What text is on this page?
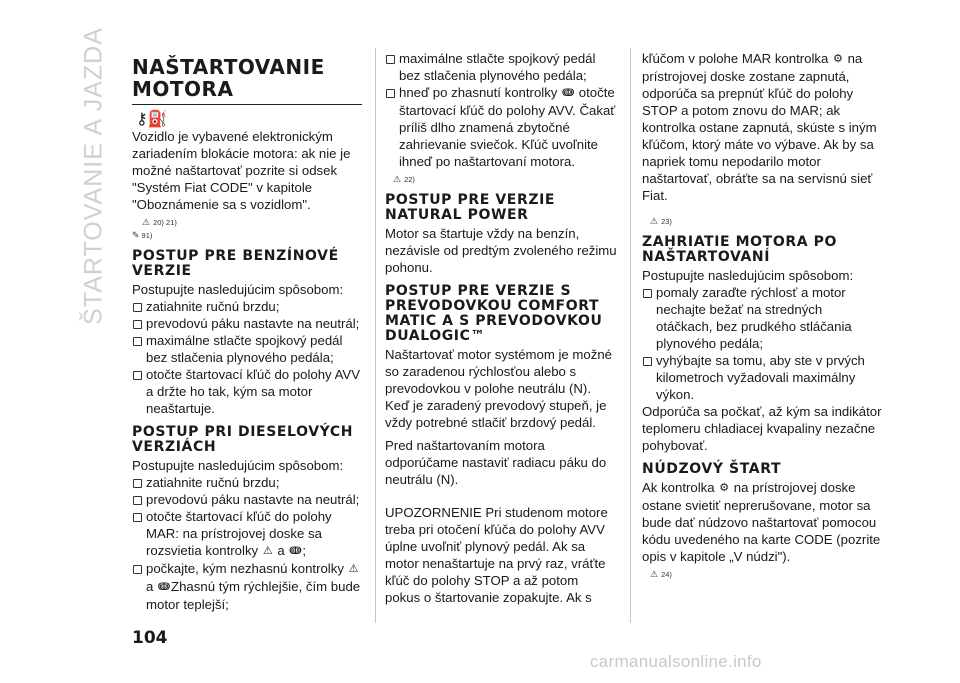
ŠTARTOVANIE A JAZDA NAŠTARTOVANIE MOTORA
⚷⛽

Vozidlo je vybavené elektronickým zariadením blokácie motora: ak nie je možné naštartovať pozrite si odsek "Systém Fiat CODE" v kapitole "Oboznámenie sa s vozidlom".

⚠ 20) 21)
✎ 91)
POSTUP PRE BENZÍNOVÉ VERZIE

Postupujte nasledujúcim spôsobom:

zatiahnite ručnú brzdu;

prevodovú páku nastavte na neutrál;

maximálne stlačte spojkový pedál bez stlačenia plynového pedála;

otočte štartovací kľúč do polohy AVV a držte ho tak, kým sa motor neaštartuje.

POSTUP PRI DIESELOVÝCH VERZIÁCH

Postupujte nasledujúcim spôsobom:

zatiahnite ručnú brzdu;

prevodovú páku nastavte na neutrál;

otočte štartovací kľúč do polohy MAR: na prístrojovej doske sa rozsvietia kontrolky ⚠ a ↈ;

počkajte, kým nezhasnú kontrolky ⚠ a ↈZhasnú tým rýchlejšie, čím bude motor teplejší;

maximálne stlačte spojkový pedál bez stlačenia plynového pedála;

hneď po zhasnutí kontrolky ↈ otočte štartovací kľúč do polohy AVV. Čakať príliš dlho znamená zbytočné zahrievanie sviečok. Kľúč uvoľnite ihneď po naštartovaní motora.

⚠ 22)
POSTUP PRE VERZIE NATURAL POWER

Motor sa štartuje vždy na benzín, nezávisle od predtým zvoleného režimu pohonu.

POSTUP PRE VERZIE S PREVODOVKOU COMFORT MATIC A S PREVODOVKOU DUALOGIC™

Naštartovať motor systémom je možné so zaradenou rýchlosťou alebo s prevodovkou v polohe neutrálu (N). Keď je zaradený prevodový stupeň, je vždy potrebné stlačiť brzdový pedál.

Pred naštartovaním motora odporúčame nastaviť radiacu páku do neutrálu (N).

UPOZORNENIE Pri studenom motore treba pri otočení kľúča do polohy AVV úplne uvoľniť plynový pedál. Ak sa motor nenaštartuje na prvý raz, vráťte kľúč do polohy STOP a až potom pokus o štartovanie zopakujte. Ak s

kľúčom v polohe MAR kontrolka ⚙ na prístrojovej doske zostane zapnutá, odporúča sa prepnúť kľúč do polohy STOP a potom znovu do MAR; ak kontrolka ostane zapnutá, skúste s iným kľúčom, ktorý máte vo výbave. Ak by sa napriek tomu nepodarilo motor naštartovať, obráťte sa na servisnú sieť Fiat.

⚠ 23)
ZAHRIATIE MOTORA PO NAŠTARTOVANÍ

Postupujte nasledujúcim spôsobom:

pomaly zaraďte rýchlosť a motor nechajte bežať na stredných otáčkach, bez prudkého stláčania plynového pedála;

vyhýbajte sa tomu, aby ste v prvých kilometroch vyžadovali maximálny výkon.

Odporúča sa počkať, až kým sa indikátor teplomeru chladiacej kvapaliny nezačne pohybovať.

NÚDZOVÝ ŠTART

Ak kontrolka ⚙ na prístrojovej doske ostane svietiť neprerušovane, motor sa bude dať núdzovo naštartovať pomocou kódu uvedeného na karte CODE (pozrite opis v kapitole „V núdzi").

⚠ 24)
104
carmanualsonline.info
